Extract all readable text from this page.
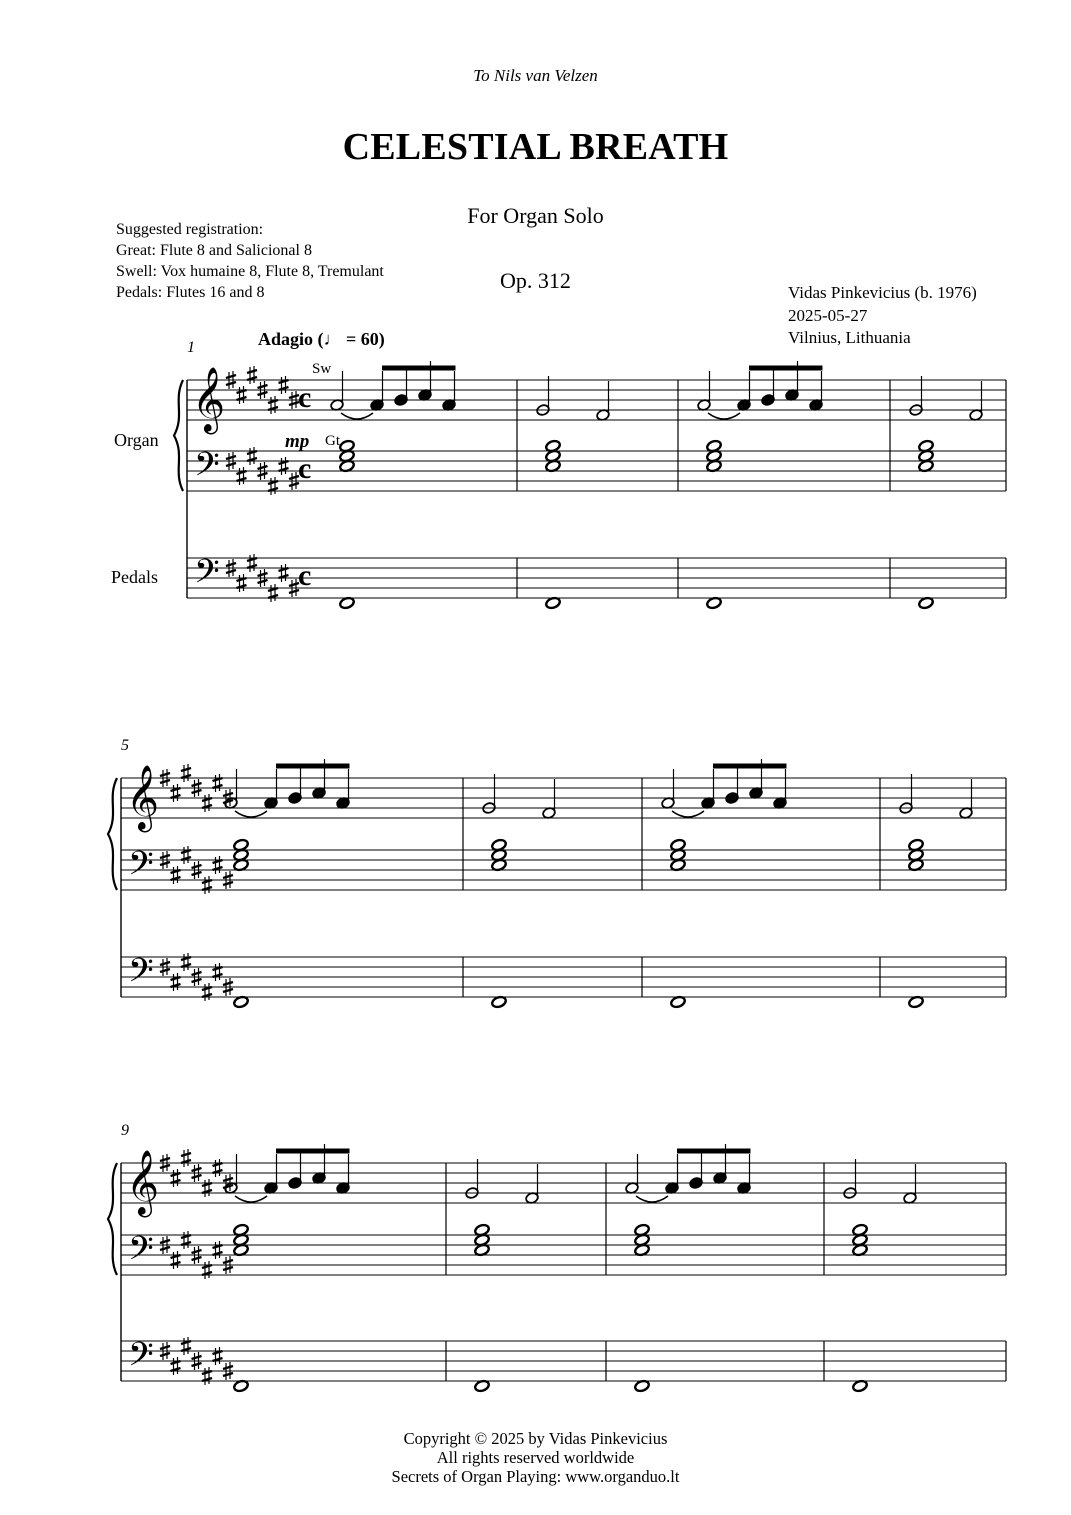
To Nils van Velzen
CELESTIAL BREATH
For Organ Solo
Op. 312
Suggested registration:
Great: Flute 8 and Salicional 8
Swell: Vox humaine 8, Flute 8, Tremulant
Pedals: Flutes 16 and 8	Vidas Pinkevicius (b. 1976)
2025-05-27
Vilnius, Lithuania
𝄞
𝄢
𝄢
c
c
c
1
𝄞
𝄢
𝄢
5
𝄞
𝄢
𝄢
9
Adagio (♩ = 60)
Sw
Gt
mp
Organ
Pedals
Copyright © 2025 by Vidas Pinkevicius
All rights reserved worldwide
Secrets of Organ Playing: www.organduo.lt
